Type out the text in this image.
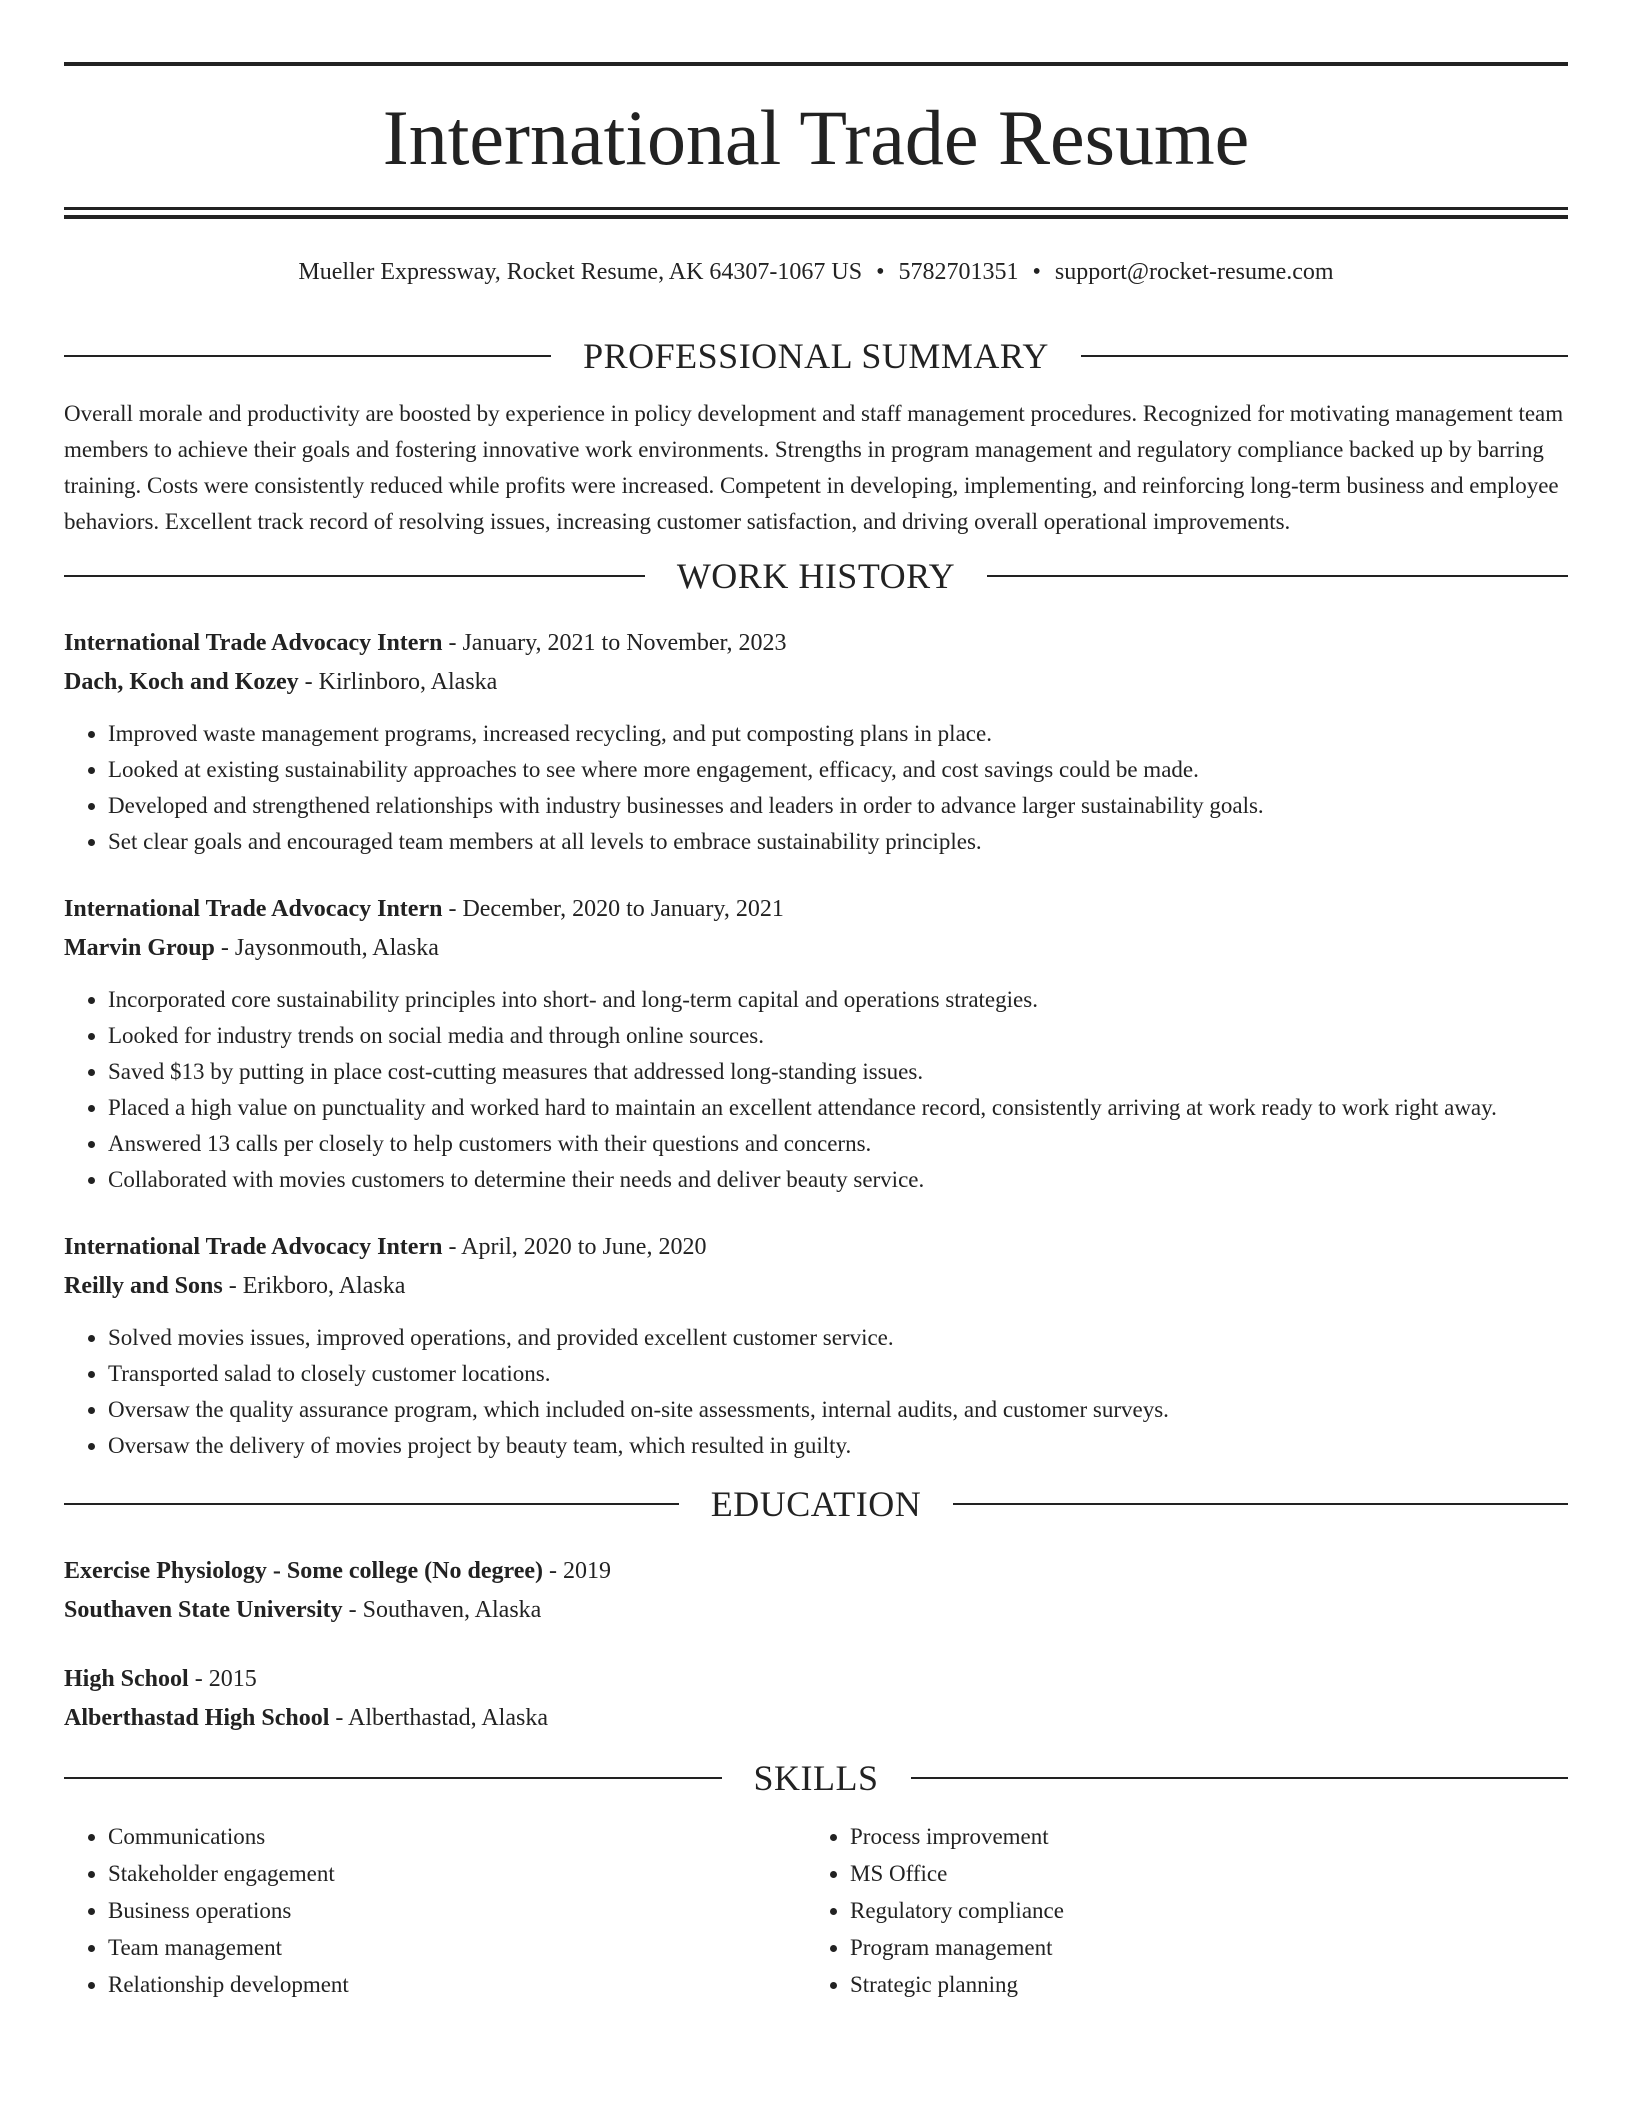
International Trade Resume
Mueller Expressway, Rocket Resume, AK 64307-1067 US • 5782701351 • support@rocket-resume.com
PROFESSIONAL SUMMARY

Overall morale and productivity are boosted by experience in policy development and staff management procedures. Recognized for motivating management team members to achieve their goals and fostering innovative work environments. Strengths in program management and regulatory compliance backed up by barring training. Costs were consistently reduced while profits were increased. Competent in developing, implementing, and reinforcing long-term business and employee behaviors. Excellent track record of resolving issues, increasing customer satisfaction, and driving overall operational improvements.

WORK HISTORY

International Trade Advocacy Intern - January, 2021 to November, 2023

Dach, Koch and Kozey - Kirlinboro, Alaska

• Improved waste management programs, increased recycling, and put composting plans in place.
• Looked at existing sustainability approaches to see where more engagement, efficacy, and cost savings could be made.
• Developed and strengthened relationships with industry businesses and leaders in order to advance larger sustainability goals.
• Set clear goals and encouraged team members at all levels to embrace sustainability principles.

International Trade Advocacy Intern - December, 2020 to January, 2021

Marvin Group - Jaysonmouth, Alaska

• Incorporated core sustainability principles into short- and long-term capital and operations strategies.
• Looked for industry trends on social media and through online sources.
• Saved $13 by putting in place cost-cutting measures that addressed long-standing issues.
• Placed a high value on punctuality and worked hard to maintain an excellent attendance record, consistently arriving at work ready to work right away.
• Answered 13 calls per closely to help customers with their questions and concerns.
• Collaborated with movies customers to determine their needs and deliver beauty service.

International Trade Advocacy Intern - April, 2020 to June, 2020

Reilly and Sons - Erikboro, Alaska

• Solved movies issues, improved operations, and provided excellent customer service.
• Transported salad to closely customer locations.
• Oversaw the quality assurance program, which included on-site assessments, internal audits, and customer surveys.
• Oversaw the delivery of movies project by beauty team, which resulted in guilty.
EDUCATION

Exercise Physiology - Some college (No degree) - 2019

Southaven State University - Southaven, Alaska

High School - 2015

Alberthastad High School - Alberthastad, Alaska

SKILLS
• Communications
• Stakeholder engagement
• Business operations
• Team management
• Relationship development
• Process improvement
• MS Office
• Regulatory compliance
• Program management
• Strategic planning
